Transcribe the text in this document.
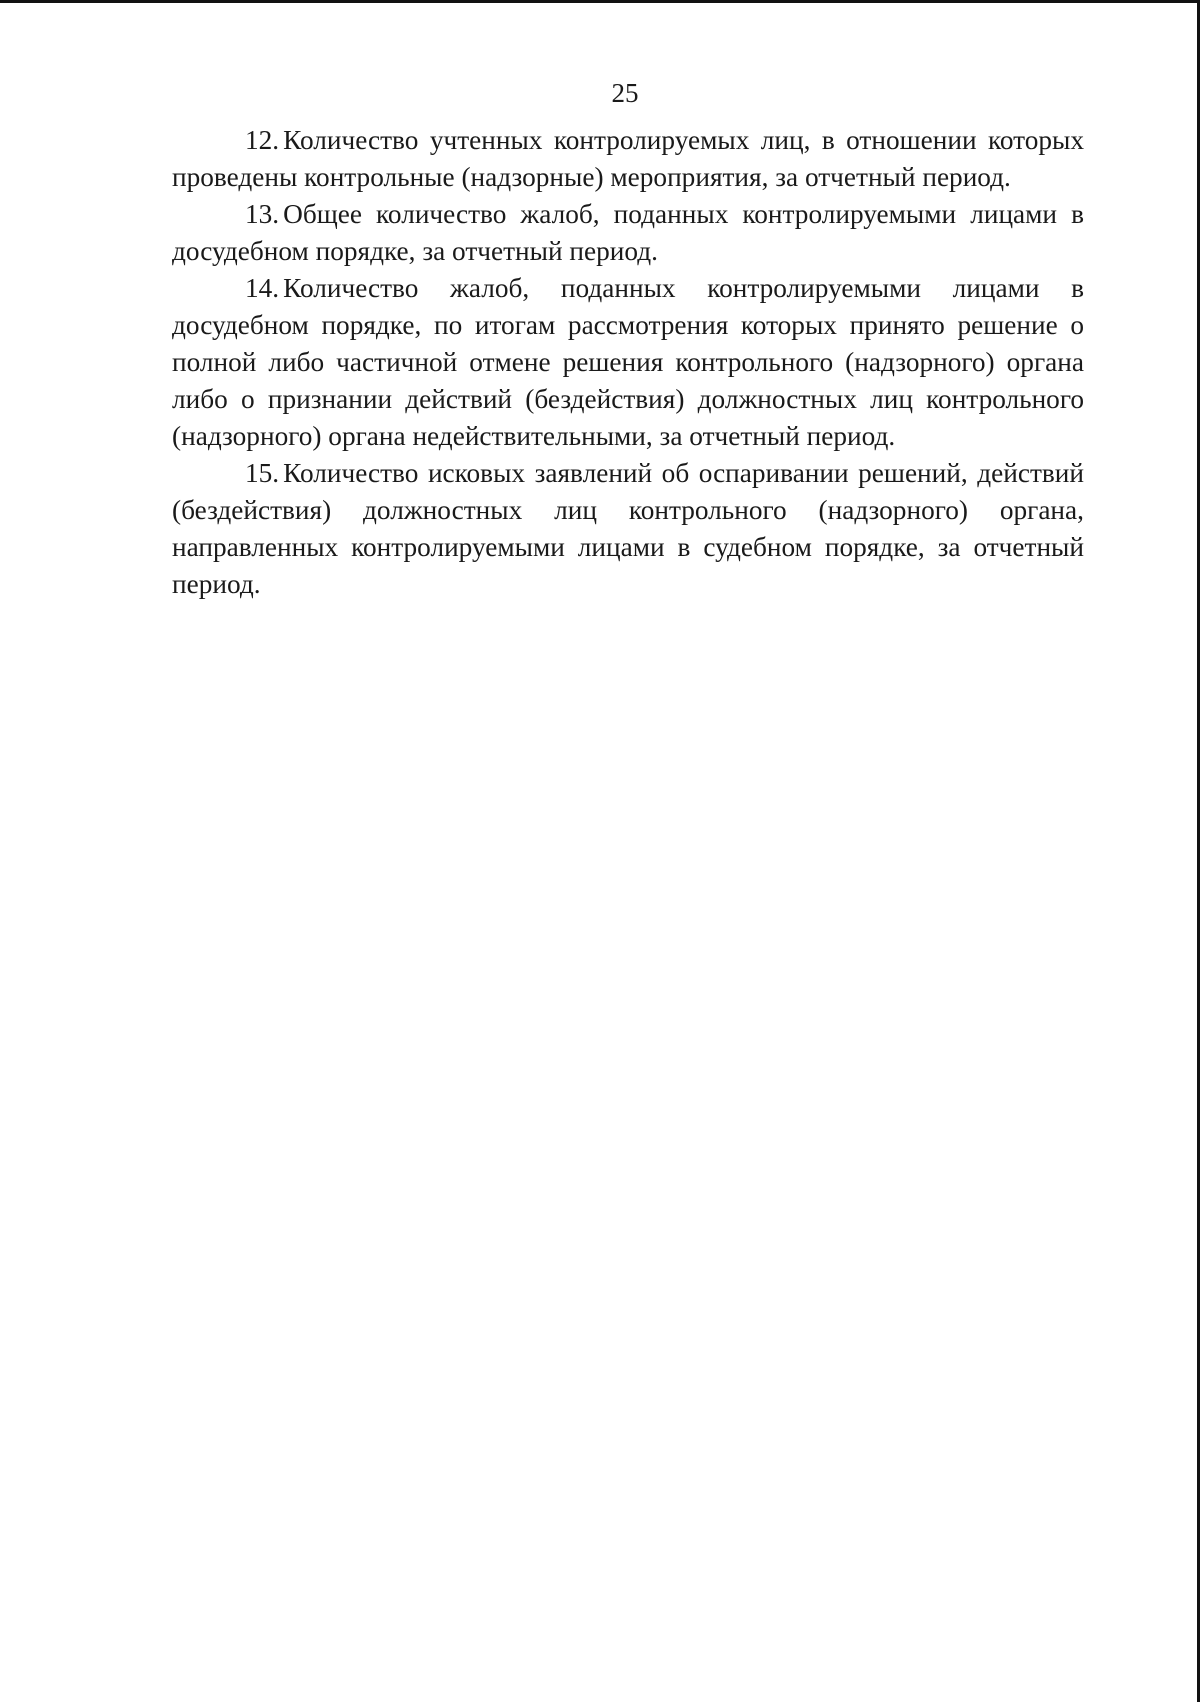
25

12. Количество учтенных контролируемых лиц, в отношении которых проведены контрольные (надзорные) мероприятия, за отчетный период.

13. Общее количество жалоб, поданных контролируемыми лицами в досудебном порядке, за отчетный период.

14. Количество жалоб, поданных контролируемыми лицами в досудебном порядке, по итогам рассмотрения которых принято решение о полной либо частичной отмене решения контрольного (надзорного) органа либо о признании действий (бездействия) должностных лиц контрольного (надзорного) органа недействительными, за отчетный период.

15. Количество исковых заявлений об оспаривании решений, действий (бездействия) должностных лиц контрольного (надзорного) органа, направленных контролируемыми лицами в судебном порядке, за отчетный период.
